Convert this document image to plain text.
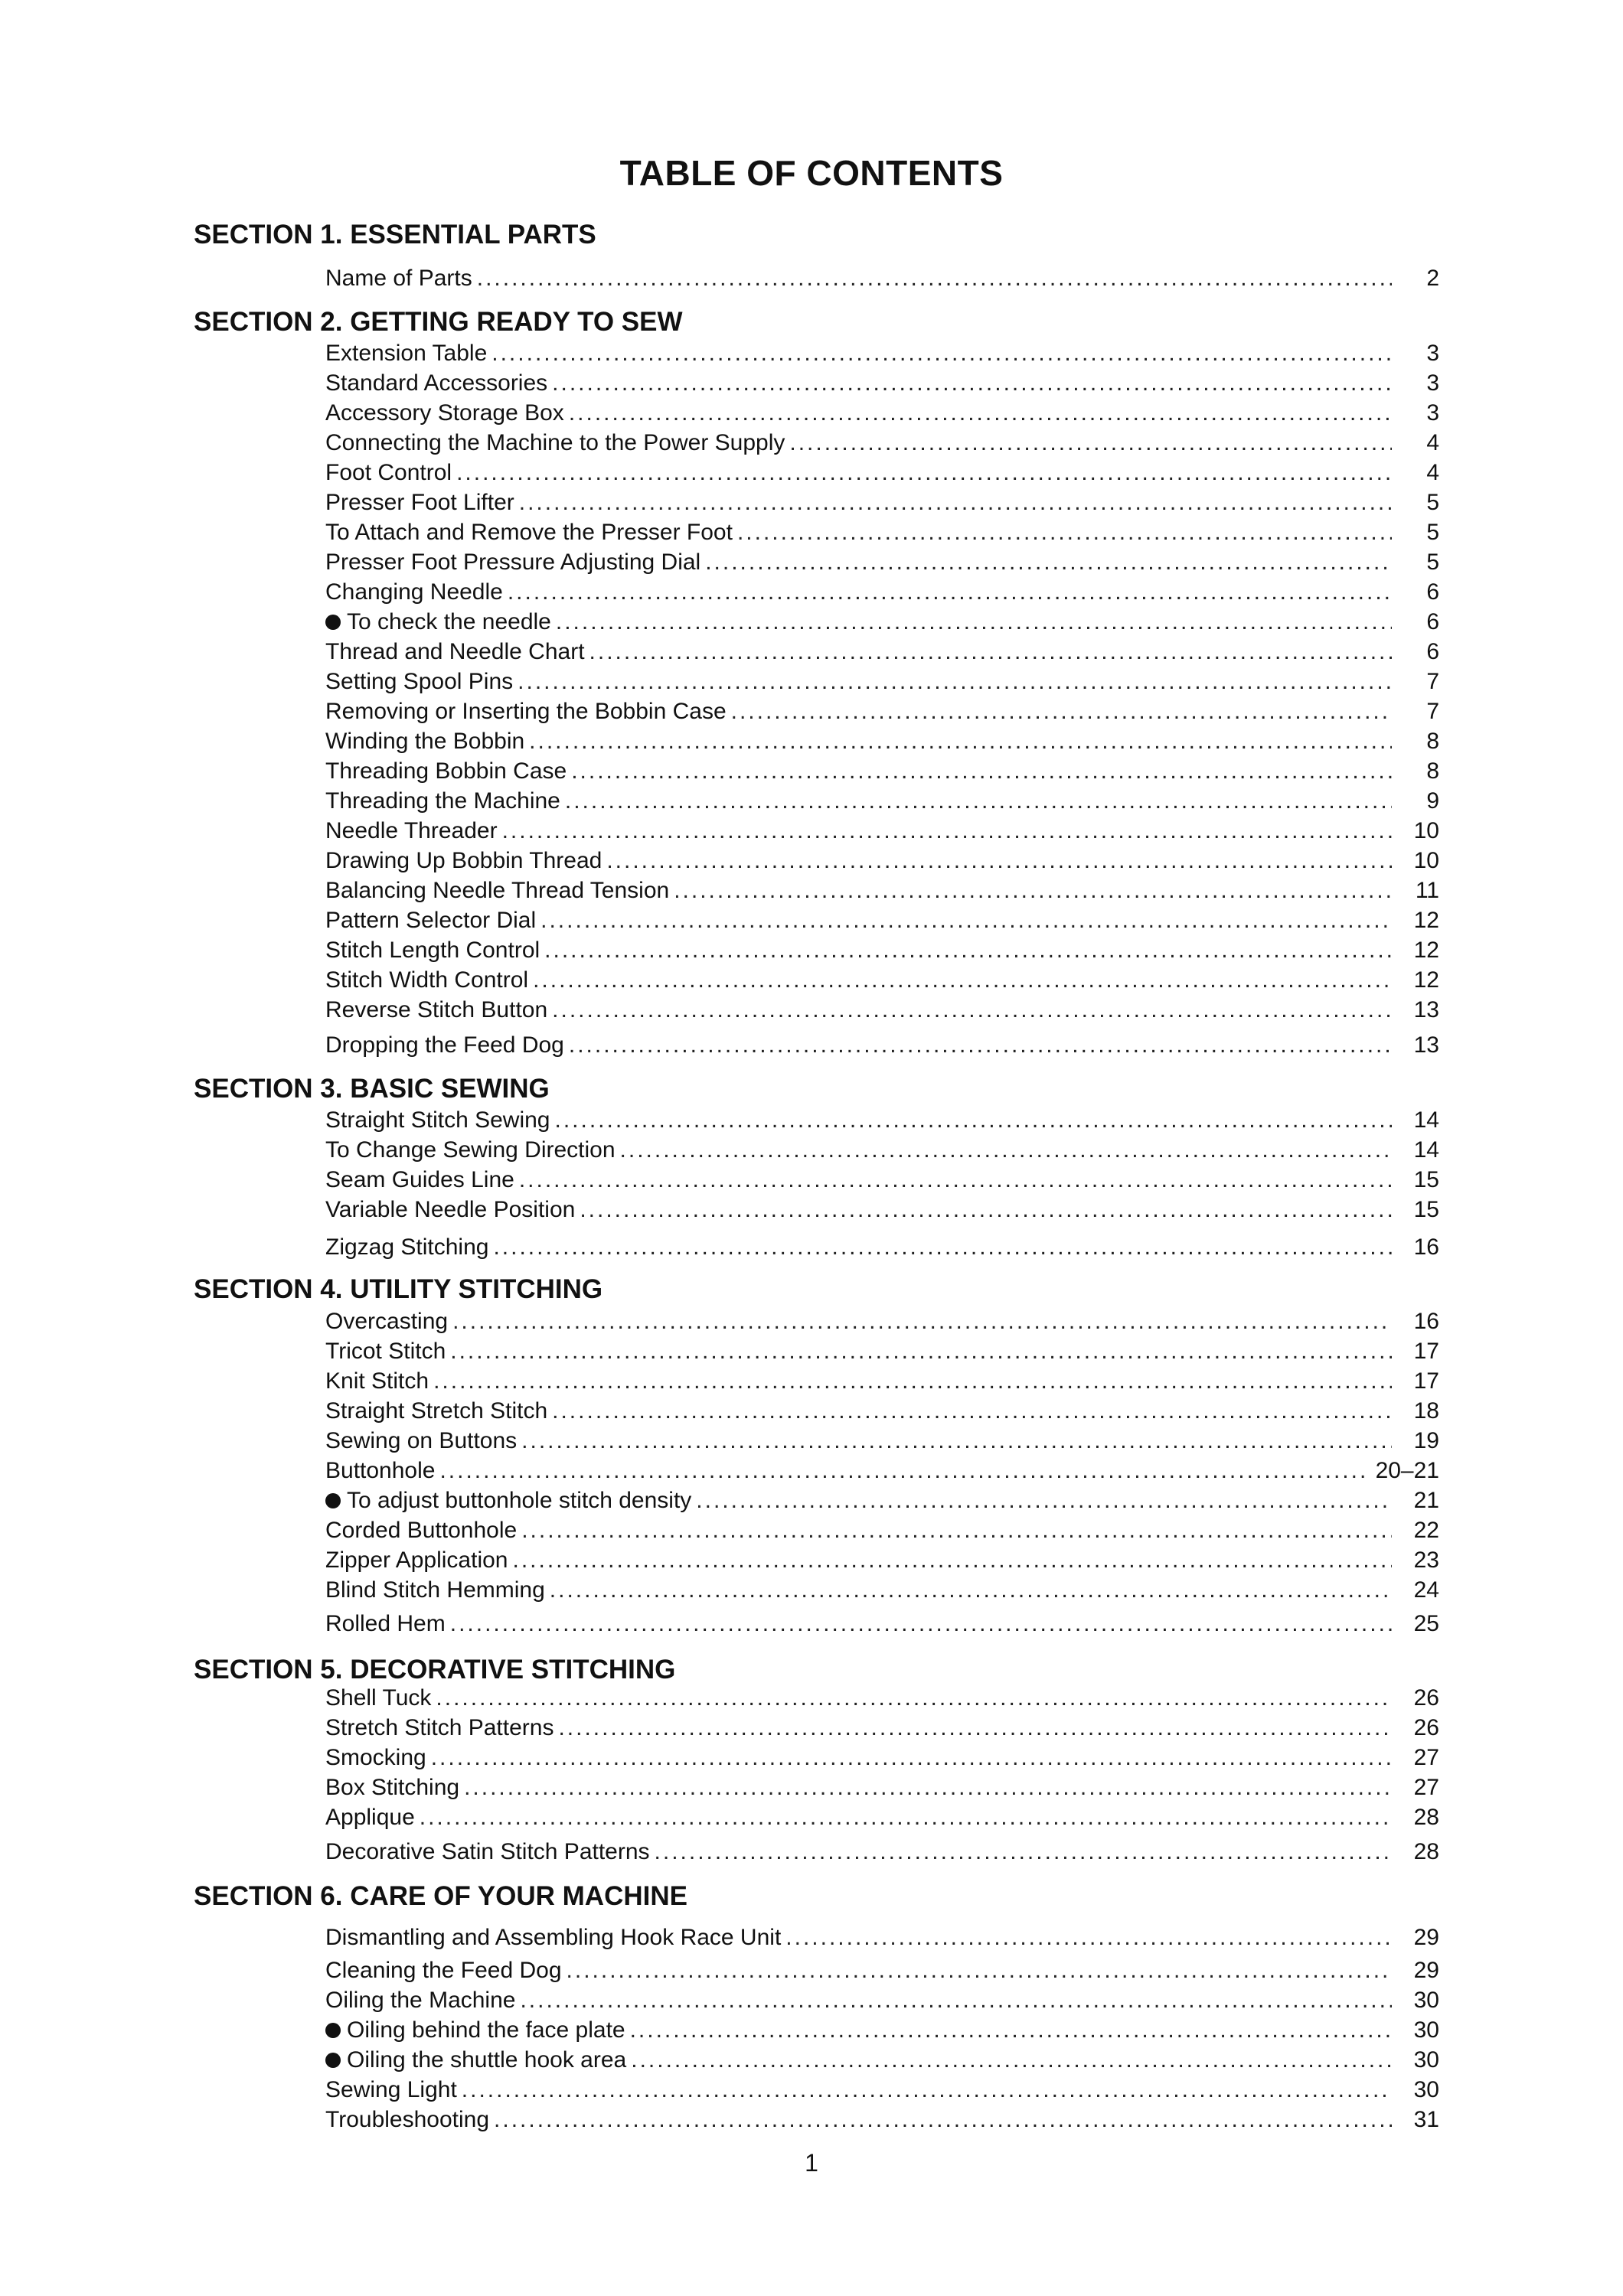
TABLE OF CONTENTS
SECTION 1. ESSENTIAL PARTS
Name of Parts .....	2
SECTION 2. GETTING READY TO SEW
Extension Table .....	3
Standard Accessories .....	3
Accessory Storage Box .....	3
Connecting the Machine to the Power Supply .....	4
Foot Control .....	4
Presser Foot Lifter .....	5
To Attach and Remove the Presser Foot .....	5
Presser Foot Pressure Adjusting Dial .....	5
Changing Needle .....	6
To check the needle .....	6
Thread and Needle Chart .....	6
Setting Spool Pins .....	7
Removing or Inserting the Bobbin Case .....	7
Winding the Bobbin .....	8
Threading Bobbin Case .....	8
Threading the Machine .....	9
Needle Threader .....	10
Drawing Up Bobbin Thread .....	10
Balancing Needle Thread Tension .....	11
Pattern Selector Dial .....	12
Stitch Length Control .....	12
Stitch Width Control .....	12
Reverse Stitch Button .....	13
Dropping the Feed Dog .....	13
SECTION 3. BASIC SEWING
Straight Stitch Sewing .....	14
To Change Sewing Direction .....	14
Seam Guides Line .....	15
Variable Needle Position .....	15
Zigzag Stitching .....	16
SECTION 4. UTILITY STITCHING
Overcasting .....	16
Tricot Stitch .....	17
Knit Stitch .....	17
Straight Stretch Stitch .....	18
Sewing on Buttons .....	19
Buttonhole .....	20–21
To adjust buttonhole stitch density .....	21
Corded Buttonhole .....	22
Zipper Application .....	23
Blind Stitch Hemming .....	24
Rolled Hem .....	25
SECTION 5. DECORATIVE STITCHING
Shell Tuck .....	26
Stretch Stitch Patterns .....	26
Smocking .....	27
Box Stitching .....	27
Applique .....	28
Decorative Satin Stitch Patterns .....	28
SECTION 6. CARE OF YOUR MACHINE
Dismantling and Assembling Hook Race Unit .....	29
Cleaning the Feed Dog .....	29
Oiling the Machine .....	30
Oiling behind the face plate .....	30
Oiling the shuttle hook area .....	30
Sewing Light .....	30
Troubleshooting .....	31
1
